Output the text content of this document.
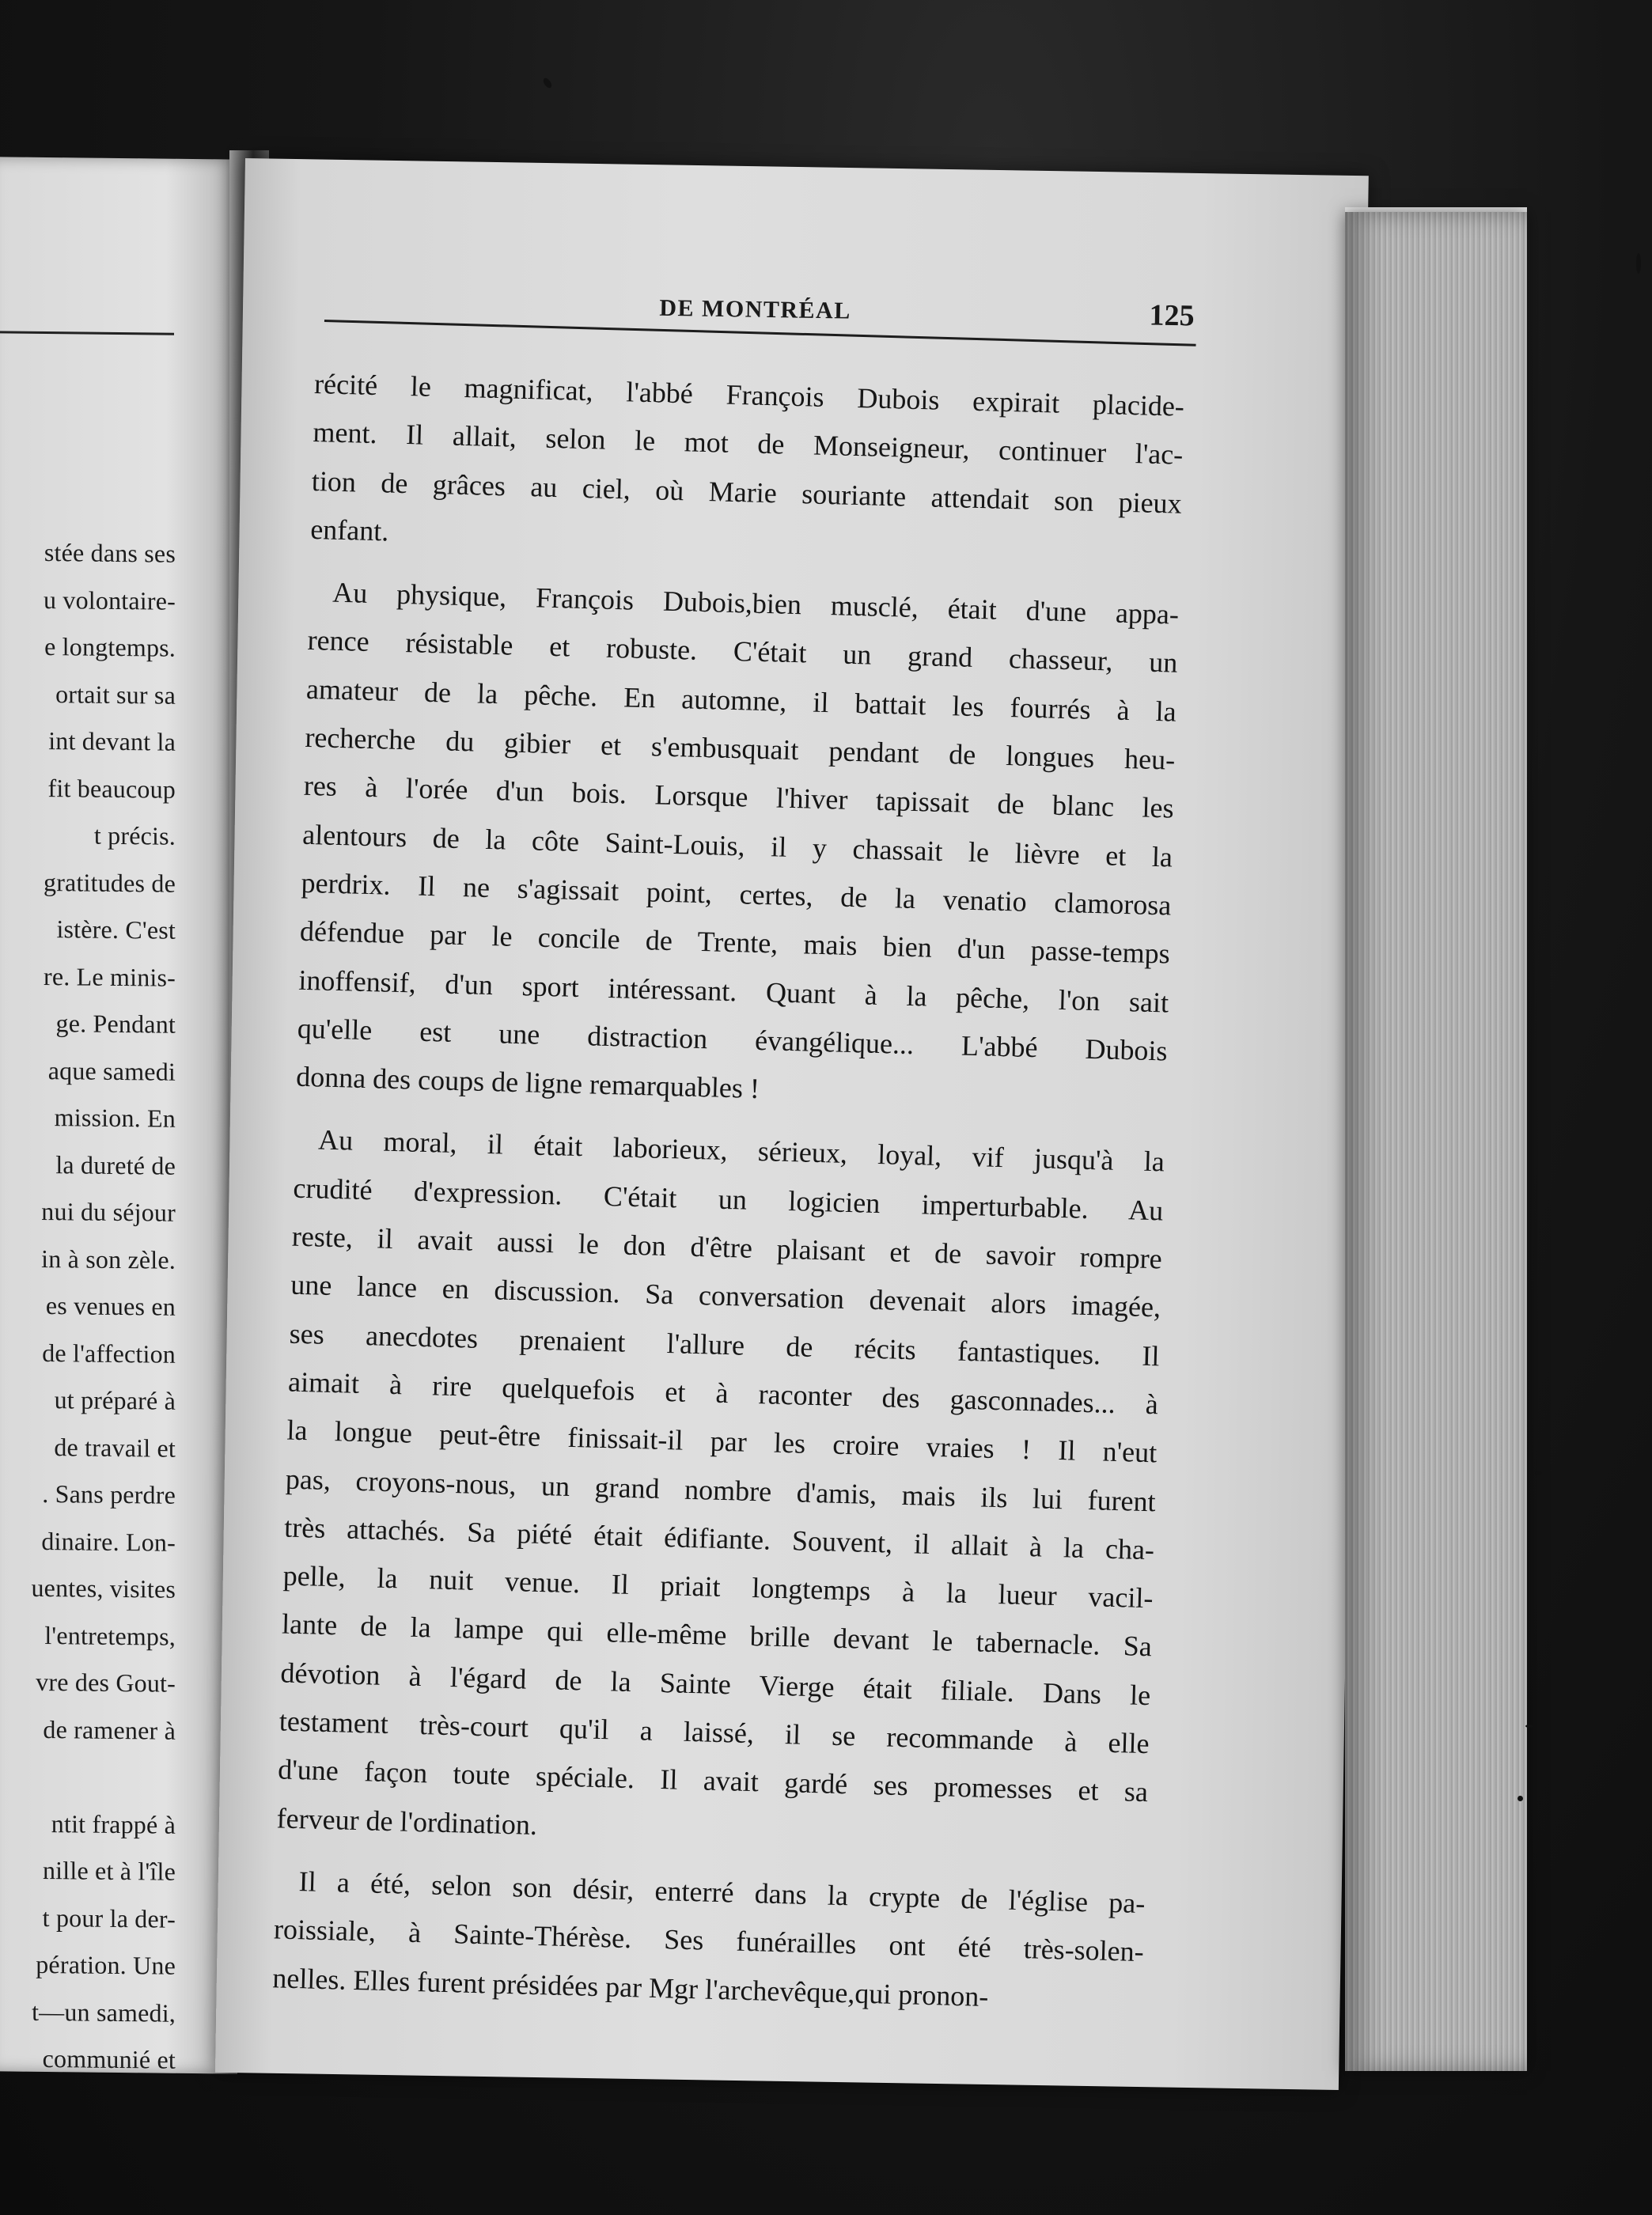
stée dans ses
u volontaire-
e longtemps.
ortait sur sa
int devant la
fit beaucoup
t précis.
gratitudes de
istère. C'est
re. Le minis-
ge. Pendant
aque samedi
mission. En
la dureté de
nui du séjour
in à son zèle.
es venues en
de l'affection
ut préparé à
de travail et
. Sans perdre
dinaire. Lon-
uentes, visites
l'entretemps,
vre des Gout-
de ramener à

ntit frappé à
nille et à l'île
t pour la der-
pération. Une
t—un samedi,
communié et
DE MONTRÉAL	125
récité le magnificat, l'abbé François Dubois expirait placide-
ment. Il allait, selon le mot de Monseigneur, continuer l'ac-
tion de grâces au ciel, où Marie souriante attendait son pieux
enfant.
Au physique, François Dubois,bien musclé, était d'une appa-
rence résistable et robuste. C'était un grand chasseur, un
amateur de la pêche. En automne, il battait les fourrés à la
recherche du gibier et s'embusquait pendant de longues heu-
res à l'orée d'un bois. Lorsque l'hiver tapissait de blanc les
alentours de la côte Saint-Louis, il y chassait le lièvre et la
perdrix. Il ne s'agissait point, certes, de la venatio clamorosa
défendue par le concile de Trente, mais bien d'un passe-temps
inoffensif, d'un sport intéressant. Quant à la pêche, l'on sait
qu'elle est une distraction évangélique... L'abbé Dubois
donna des coups de ligne remarquables !
Au moral, il était laborieux, sérieux, loyal, vif jusqu'à la
crudité d'expression. C'était un logicien imperturbable. Au
reste, il avait aussi le don d'être plaisant et de savoir rompre
une lance en discussion. Sa conversation devenait alors imagée,
ses anecdotes prenaient l'allure de récits fantastiques. Il
aimait à rire quelquefois et à raconter des gasconnades... à
la longue peut-être finissait-il par les croire vraies ! Il n'eut
pas, croyons-nous, un grand nombre d'amis, mais ils lui furent
très attachés. Sa piété était édifiante. Souvent, il allait à la cha-
pelle, la nuit venue. Il priait longtemps à la lueur vacil-
lante de la lampe qui elle-même brille devant le tabernacle. Sa
dévotion à l'égard de la Sainte Vierge était filiale. Dans le
testament très-court qu'il a laissé, il se recommande à elle
d'une façon toute spéciale. Il avait gardé ses promesses et sa
ferveur de l'ordination.
Il a été, selon son désir, enterré dans la crypte de l'église pa-
roissiale, à Sainte-Thérèse. Ses funérailles ont été très-solen-
nelles. Elles furent présidées par Mgr l'archevêque,qui pronon-
